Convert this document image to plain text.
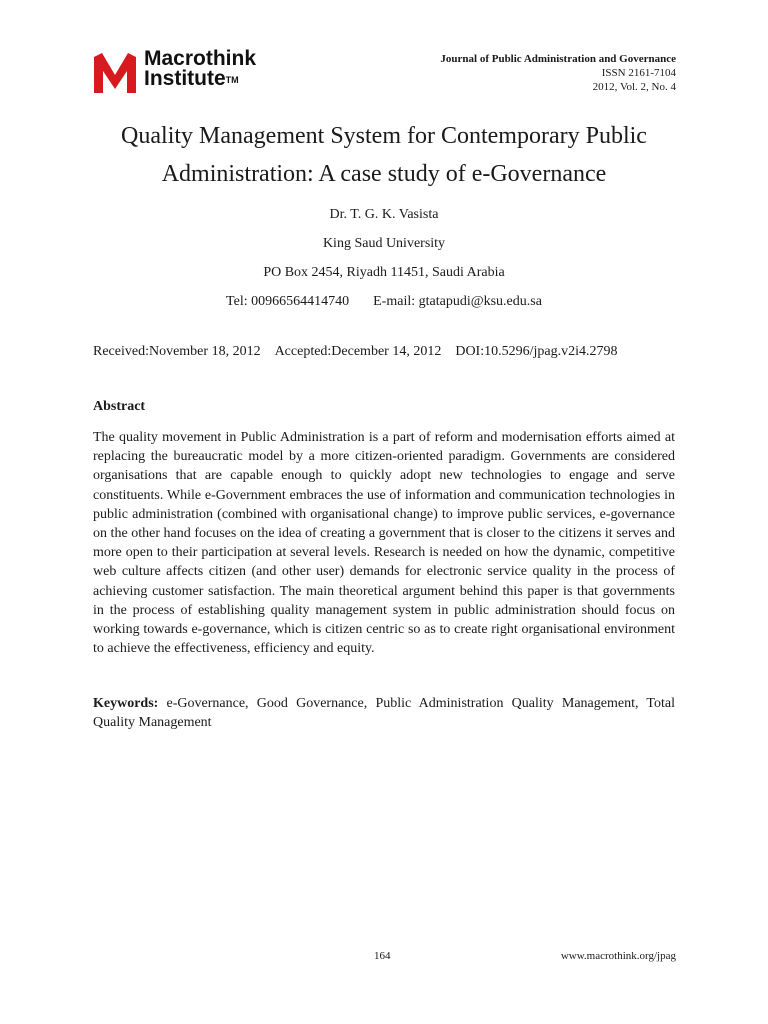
Macrothink
Institute™
Journal of Public Administration and Governance
ISSN 2161-7104
2012, Vol. 2, No. 4
Quality Management System for Contemporary Public
Administration: A case study of e-Governance
Dr. T. G. K. Vasista
King Saud University
PO Box 2454, Riyadh 11451, Saudi Arabia
Tel: 00966564414740 E-mail: gtatapudi@ksu.edu.sa
Received:November 18, 2012 Accepted:December 14, 2012 DOI:10.5296/jpag.v2i4.2798
Abstract

The quality movement in Public Administration is a part of reform and modernisation efforts aimed at replacing the bureaucratic model by a more citizen-oriented paradigm. Governments are considered organisations that are capable enough to quickly adopt new technologies to engage and serve constituents. While e-Government embraces the use of information and communication technologies in public administration (combined with organisational change) to improve public services, e-governance on the other hand focuses on the idea of creating a government that is closer to the citizens it serves and more open to their participation at several levels. Research is needed on how the dynamic, competitive web culture affects citizen (and other user) demands for electronic service quality in the process of achieving customer satisfaction. The main theoretical argument behind this paper is that governments in the process of establishing quality management system in public administration should focus on working towards e-governance, which is citizen centric so as to create right organisational environment to achieve the effectiveness, efficiency and equity.

Keywords: e-Governance, Good Governance, Public Administration Quality Management, Total Quality Management

164	www.macrothink.org/jpag
